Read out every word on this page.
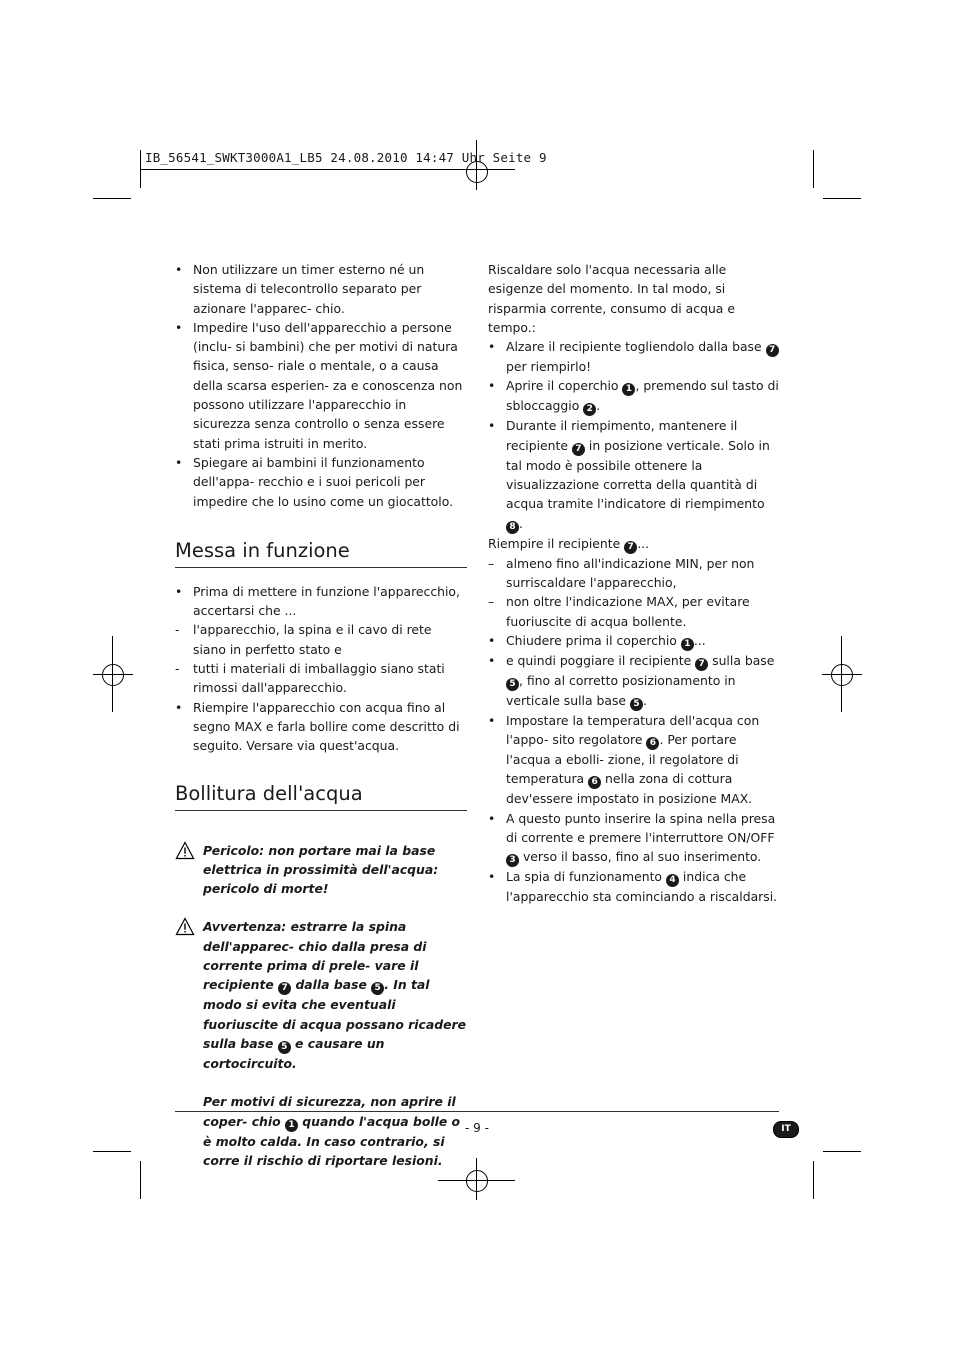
IB_56541_SWKT3000A1_LB5 24.08.2010 14:47 Uhr Seite 9
• Non utilizzare un timer esterno né un sistema di telecontrollo separato per azionare l'apparec- chio.
• Impedire l'uso dell'apparecchio a persone (inclu- si bambini) che per motivi di natura fisica, senso- riale o mentale, o a causa della scarsa esperien- za e conoscenza non possono utilizzare l'apparecchio in sicurezza senza controllo o senza essere stati prima istruiti in merito.
• Spiegare ai bambini il funzionamento dell'appa- recchio e i suoi pericoli per impedire che lo usino come un giocattolo.
Messa in funzione
• Prima di mettere in funzione l'apparecchio, accertarsi che ...
- l'apparecchio, la spina e il cavo di rete siano in perfetto stato e
- tutti i materiali di imballaggio siano stati rimossi dall'apparecchio.
• Riempire l'apparecchio con acqua fino al segno MAX e farla bollire come descritto di seguito. Versare via quest'acqua.
Bollitura dell'acqua
Pericolo: non portare mai la base elettrica in prossimità dell'acqua: pericolo di morte!
Avvertenza: estrarre la spina dell'apparec- chio dalla presa di corrente prima di prele- vare il recipiente 7 dalla base 5 . In tal modo si evita che eventuali fuoriuscite di acqua possano ricadere sulla base 5 e causare un cortocircuito.
Per motivi di sicurezza, non aprire il coper- chio 1 quando l'acqua bolle o è molto calda. In caso contrario, si corre il rischio di riportare lesioni.

Riscaldare solo l'acqua necessaria alle esigenze del momento. In tal modo, si risparmia corrente, consumo di acqua e tempo.:

• Alzare il recipiente togliendolo dalla base 7 per riempirlo!
• Aprire il coperchio 1 , premendo sul tasto di sbloccaggio 2 .
• Durante il riempimento, mantenere il recipiente 7 in posizione verticale. Solo in tal modo è possibile ottenere la visualizzazione corretta della quantità di acqua tramite l'indicatore di riempimento 8 .

Riempire il recipiente 7 ...

– almeno fino all'indicazione MIN, per non surriscaldare l'apparecchio,
– non oltre l'indicazione MAX, per evitare fuoriuscite di acqua bollente.
• Chiudere prima il coperchio 1 ...
• e quindi poggiare il recipiente 7 sulla base 5 , fino al corretto posizionamento in verticale sulla base 5 .
• Impostare la temperatura dell'acqua con l'appo- sito regolatore 6 . Per portare l'acqua a ebolli- zione, il regolatore di temperatura 6 nella zona di cottura dev'essere impostato in posizione MAX.
• A questo punto inserire la spina nella presa di corrente e premere l'interruttore ON/OFF 3 verso il basso, fino al suo inserimento.
• La spia di funzionamento 4 indica che l'apparecchio sta cominciando a riscaldarsi.
- 9 -	IT
